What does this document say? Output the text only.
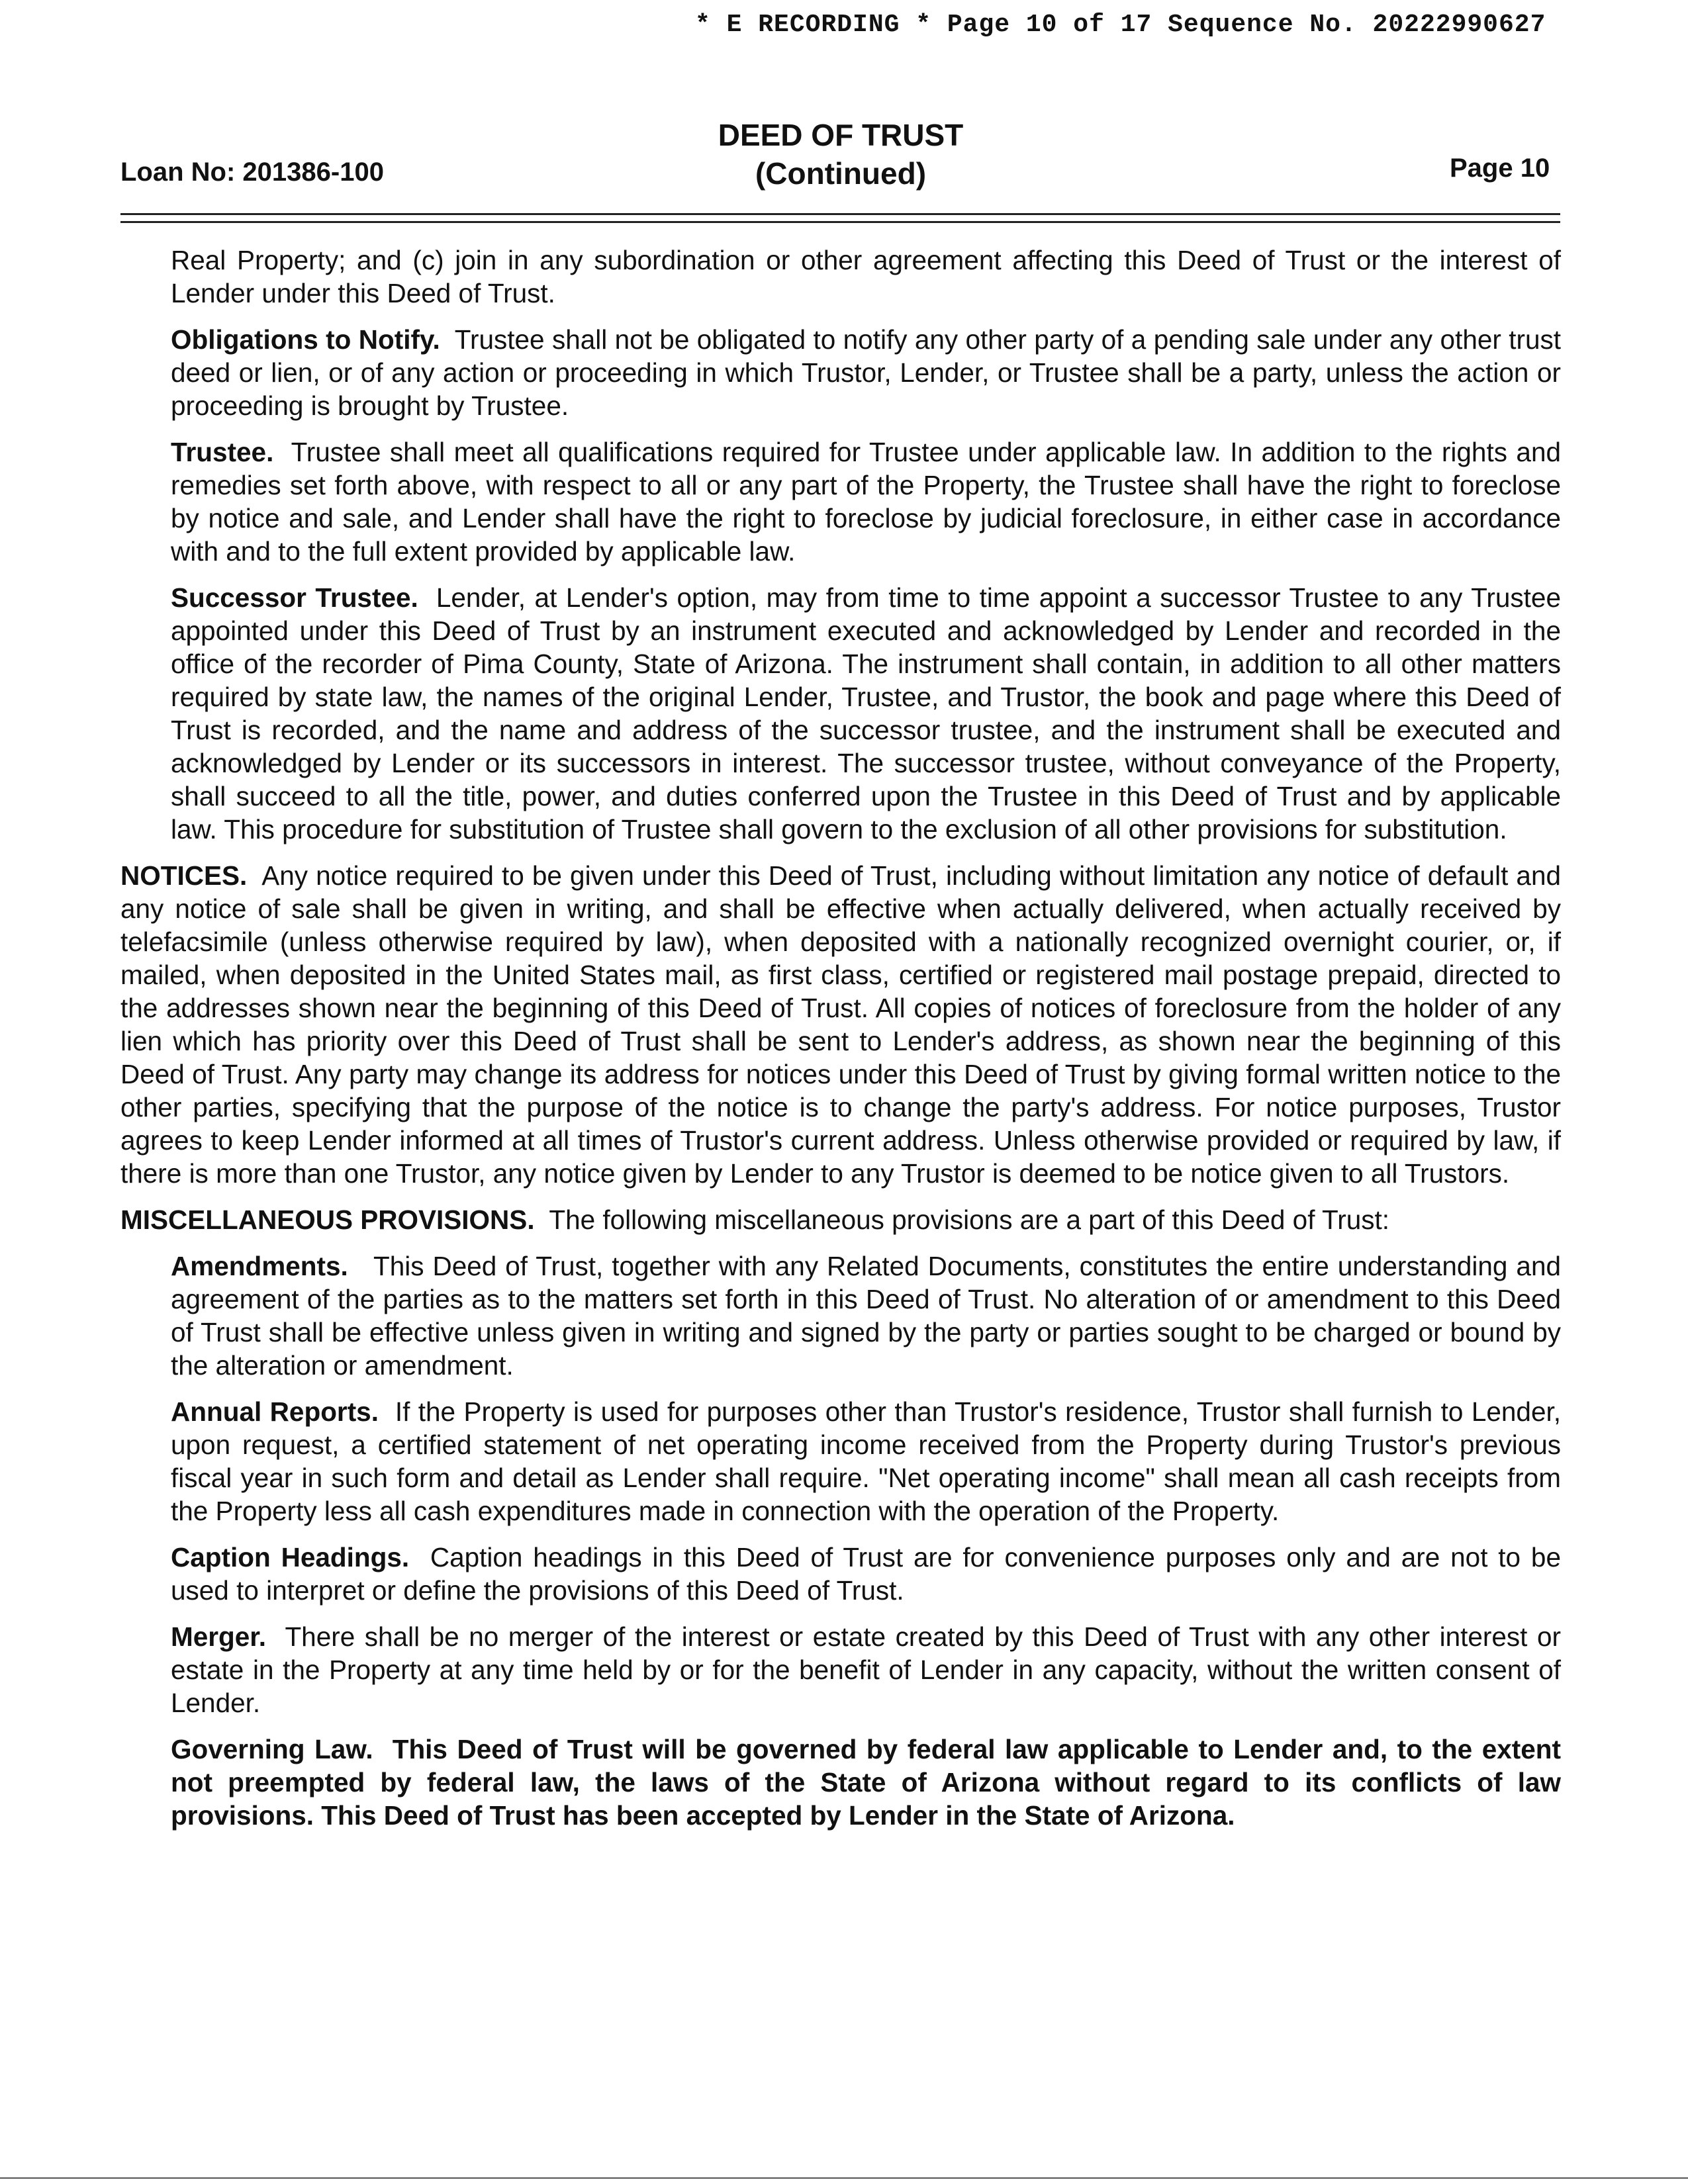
* E RECORDING * Page 10 of 17 Sequence No. 20222990627
DEED OF TRUST
(Continued)
Loan No: 201386-100	Page 10

Real Property; and (c) join in any subordination or other agreement affecting this Deed of Trust or the interest of Lender under this Deed of Trust.

Obligations to Notify. Trustee shall not be obligated to notify any other party of a pending sale under any other trust deed or lien, or of any action or proceeding in which Trustor, Lender, or Trustee shall be a party, unless the action or proceeding is brought by Trustee.

Trustee. Trustee shall meet all qualifications required for Trustee under applicable law. In addition to the rights and remedies set forth above, with respect to all or any part of the Property, the Trustee shall have the right to foreclose by notice and sale, and Lender shall have the right to foreclose by judicial foreclosure, in either case in accordance with and to the full extent provided by applicable law.

Successor Trustee. Lender, at Lender's option, may from time to time appoint a successor Trustee to any Trustee appointed under this Deed of Trust by an instrument executed and acknowledged by Lender and recorded in the office of the recorder of Pima County, State of Arizona. The instrument shall contain, in addition to all other matters required by state law, the names of the original Lender, Trustee, and Trustor, the book and page where this Deed of Trust is recorded, and the name and address of the successor trustee, and the instrument shall be executed and acknowledged by Lender or its successors in interest. The successor trustee, without conveyance of the Property, shall succeed to all the title, power, and duties conferred upon the Trustee in this Deed of Trust and by applicable law. This procedure for substitution of Trustee shall govern to the exclusion of all other provisions for substitution.

NOTICES. Any notice required to be given under this Deed of Trust, including without limitation any notice of default and any notice of sale shall be given in writing, and shall be effective when actually delivered, when actually received by telefacsimile (unless otherwise required by law), when deposited with a nationally recognized overnight courier, or, if mailed, when deposited in the United States mail, as first class, certified or registered mail postage prepaid, directed to the addresses shown near the beginning of this Deed of Trust. All copies of notices of foreclosure from the holder of any lien which has priority over this Deed of Trust shall be sent to Lender's address, as shown near the beginning of this Deed of Trust. Any party may change its address for notices under this Deed of Trust by giving formal written notice to the other parties, specifying that the purpose of the notice is to change the party's address. For notice purposes, Trustor agrees to keep Lender informed at all times of Trustor's current address. Unless otherwise provided or required by law, if there is more than one Trustor, any notice given by Lender to any Trustor is deemed to be notice given to all Trustors.

MISCELLANEOUS PROVISIONS. The following miscellaneous provisions are a part of this Deed of Trust:

Amendments. This Deed of Trust, together with any Related Documents, constitutes the entire understanding and agreement of the parties as to the matters set forth in this Deed of Trust. No alteration of or amendment to this Deed of Trust shall be effective unless given in writing and signed by the party or parties sought to be charged or bound by the alteration or amendment.

Annual Reports. If the Property is used for purposes other than Trustor's residence, Trustor shall furnish to Lender, upon request, a certified statement of net operating income received from the Property during Trustor's previous fiscal year in such form and detail as Lender shall require. "Net operating income" shall mean all cash receipts from the Property less all cash expenditures made in connection with the operation of the Property.

Caption Headings. Caption headings in this Deed of Trust are for convenience purposes only and are not to be used to interpret or define the provisions of this Deed of Trust.

Merger. There shall be no merger of the interest or estate created by this Deed of Trust with any other interest or estate in the Property at any time held by or for the benefit of Lender in any capacity, without the written consent of Lender.

Governing Law. This Deed of Trust will be governed by federal law applicable to Lender and, to the extent not preempted by federal law, the laws of the State of Arizona without regard to its conflicts of law provisions. This Deed of Trust has been accepted by Lender in the State of Arizona.
